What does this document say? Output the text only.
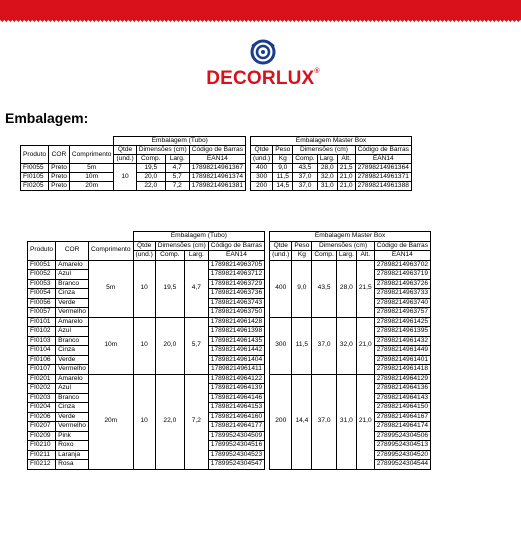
DECORLUX®
Embalagem:
			Embalagem (Tubo)					Embalagem Master Box					
Produto	COR	Comprimento	Qtde	Dimensões (cm)		Código de Barras		Qtde	Peso	Dimensões (cm)			Código de Barras
			(und.)	Comp.	Larg.	EAN14		(und.)	Kg	Comp.	Larg.	Alt.	EAN14
FI0055	Preto	5m	10	19,5	4,7	17898214961367		400	9,0	43,5	28,0	21,5	27898214961364
FI0105	Preto	10m		20,0	5,7	17898214961374		300	11,5	37,0	32,0	21,0	27898214961371
FI0205	Preto	20m		22,0	7,2	17898214961381		200	14,5	37,0	31,0	21,0	27898214961388
			Embalagem (Tubo)					Embalagem Master Box					
Produto	COR	Comprimento	Qtde	Dimensões (cm)		Código de Barras		Qtde	Peso	Dimensões (cm)			Código de Barras
			(und.)	Comp.	Larg.	EAN14		(und.)	Kg	Comp.	Larg.	Alt.	EAN14
FI0051	Amarelo	5m	10	19,5	4,7	17898214963705		400	9,0	43,5	28,0	21,5	27898214963702
FI0052	Azul					17898214963712							27898214963719
FI0053	Branco					17898214963729							27898214963726
FI0054	Cinza					17898214963736							27898214963733
FI0056	Verde					17898214963743							27898214963740
FI0057	Vermelho					17898214963750							27898214963757
FI0101	Amarelo	10m	10	20,0	5,7	17898214961428		300	11,5	37,0	32,0	21,0	27898214961425
FI0102	Azul					17898214961398							27898214961395
FI0103	Branco					17898214961435							27898214961432
FI0104	Cinza					17898214961442							27898214961449
FI0106	Verde					17898214961404							27898214961401
FI0107	Vermelho					17898214961411							27898214961418
FI0201	Amarelo	20m	10	22,0	7,2	17898214964122		200	14,4	37,0	31,0	21,0	27898214964129
FI0202	Azul					17898214964139							27898214964136
FI0203	Branco					17898214964146							27898214964143
FI0204	Cinza					17898214964153							27898214964150
FI0206	Verde					17898214964160							27898214964167
FI0207	Vermelho					17898214964177							27898214964174
FI0209	Pink					17899524304509							27899524304506
FI0210	Roxo					17899524304516							27899524304513
FI0211	Laranja					17899524304523							27899524304520
FI0212	Rosa					17899524304547							27899524304544
